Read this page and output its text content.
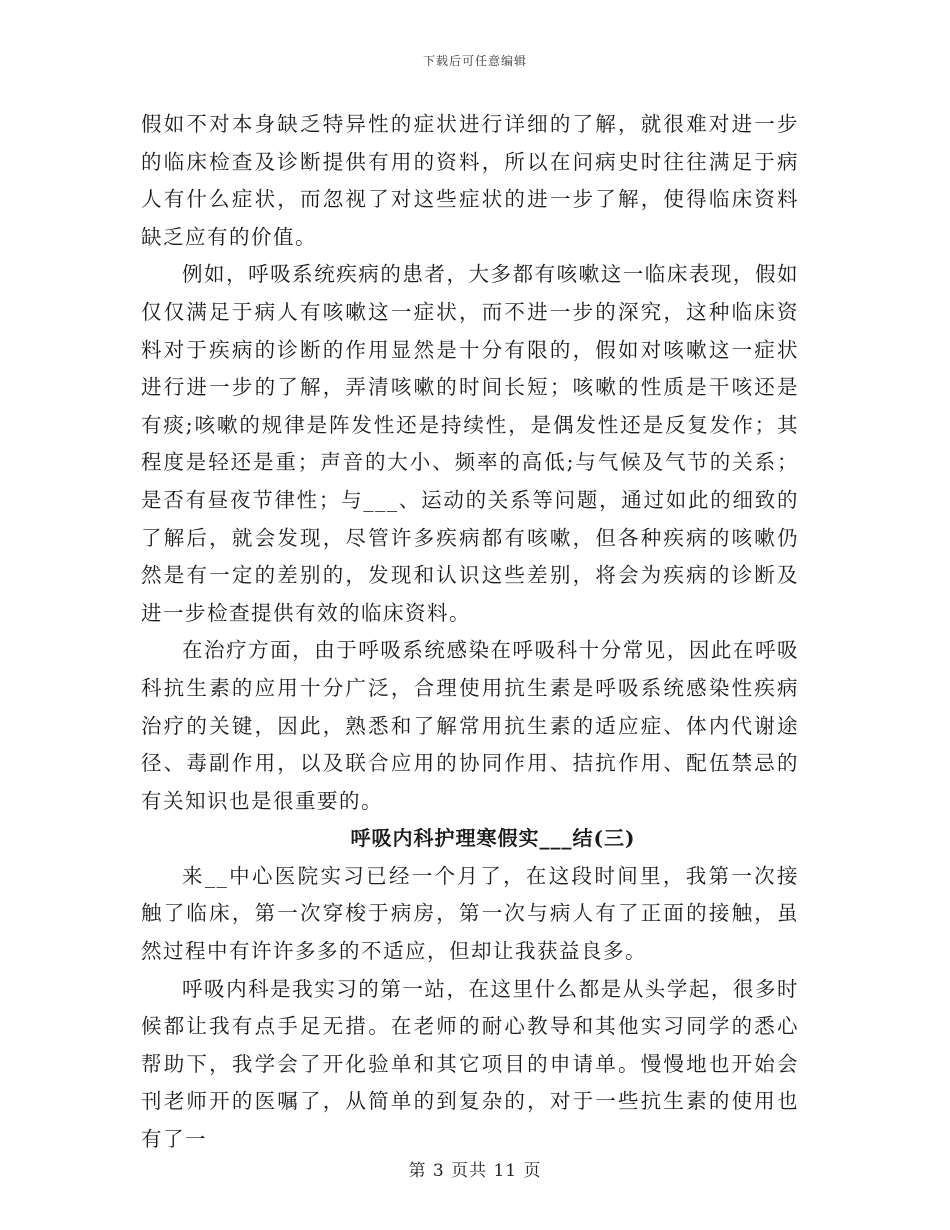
下载后可任意编辑

假如不对本身缺乏特异性的症状进行详细的了解，就很难对进一步的临床检查及诊断提供有用的资料，所以在问病史时往往满足于病人有什么症状，而忽视了对这些症状的进一步了解，使得临床资料缺乏应有的价值。

例如，呼吸系统疾病的患者，大多都有咳嗽这一临床表现，假如仅仅满足于病人有咳嗽这一症状，而不进一步的深究，这种临床资料对于疾病的诊断的作用显然是十分有限的，假如对咳嗽这一症状进行进一步的了解，弄清咳嗽的时间长短；咳嗽的性质是干咳还是有痰;咳嗽的规律是阵发性还是持续性，是偶发性还是反复发作；其程度是轻还是重；声音的大小、频率的高低;与气候及气节的关系；是否有昼夜节律性；与___、运动的关系等问题，通过如此的细致的了解后，就会发现，尽管许多疾病都有咳嗽，但各种疾病的咳嗽仍然是有一定的差别的，发现和认识这些差别，将会为疾病的诊断及进一步检查提供有效的临床资料。

在治疗方面，由于呼吸系统感染在呼吸科十分常见，因此在呼吸科抗生素的应用十分广泛，合理使用抗生素是呼吸系统感染性疾病治疗的关键，因此，熟悉和了解常用抗生素的适应症、体内代谢途径、毒副作用，以及联合应用的协同作用、拮抗作用、配伍禁忌的有关知识也是很重要的。

呼吸内科护理寒假实___结(三)

来__中心医院实习已经一个月了，在这段时间里，我第一次接触了临床，第一次穿梭于病房，第一次与病人有了正面的接触，虽然过程中有许许多多的不适应，但却让我获益良多。

呼吸内科是我实习的第一站，在这里什么都是从头学起，很多时候都让我有点手足无措。在老师的耐心教导和其他实习同学的悉心帮助下，我学会了开化验单和其它项目的申请单。慢慢地也开始会刊老师开的医嘱了，从简单的到复杂的，对于一些抗生素的使用也有了一

第 3 页共 11 页
